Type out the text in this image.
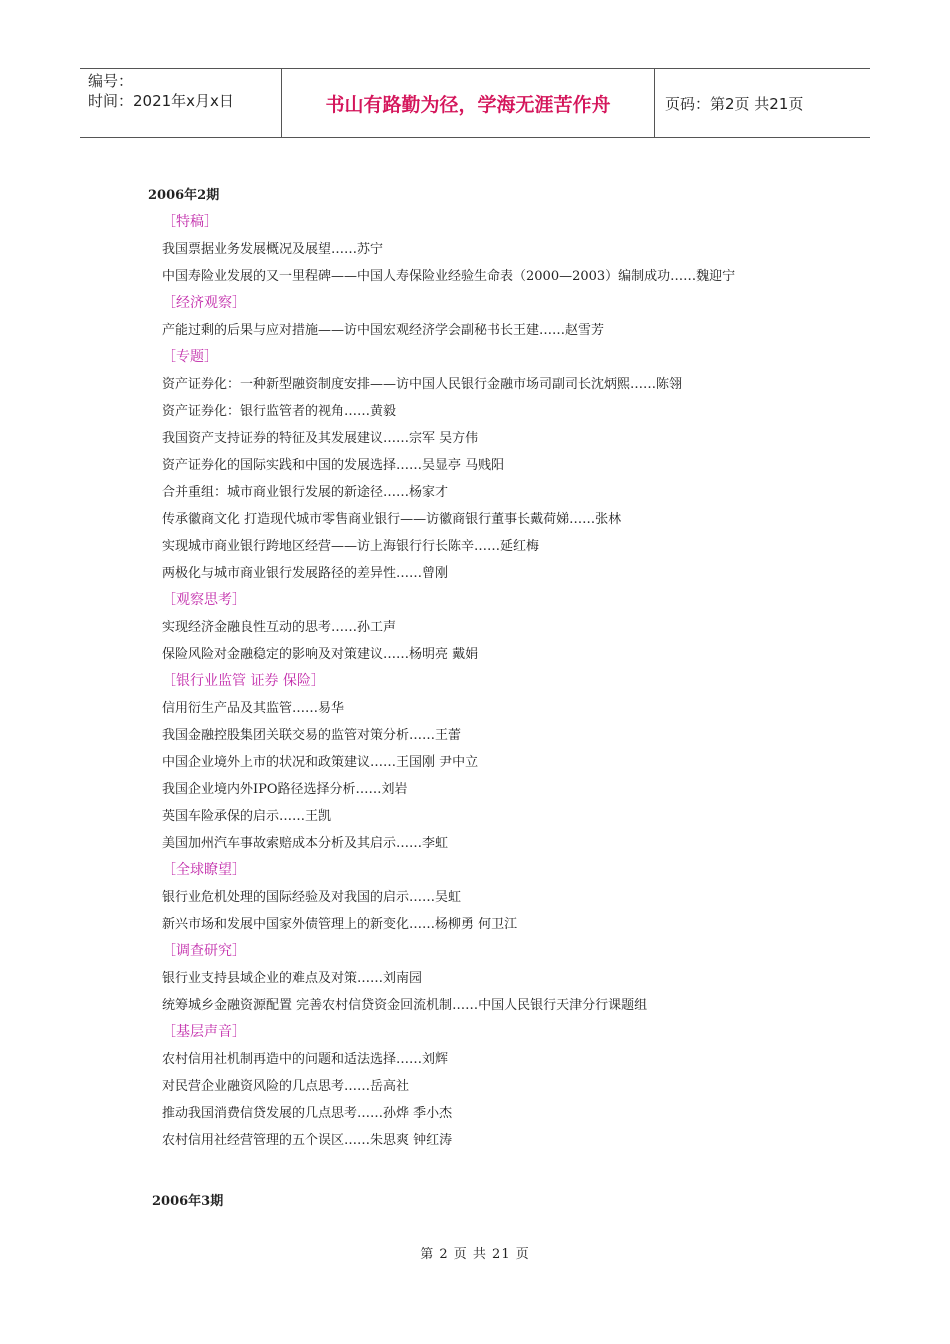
编号：
时间：2021年x月x日	书山有路勤为径，学海无涯苦作舟	页码：第2页 共21页
2006年2期
［特稿］
我国票据业务发展概况及展望……苏宁
中国寿险业发展的又一里程碑——中国人寿保险业经验生命表（2000—2003）编制成功……魏迎宁
［经济观察］
产能过剩的后果与应对措施——访中国宏观经济学会副秘书长王建……赵雪芳
［专题］
资产证券化：一种新型融资制度安排——访中国人民银行金融市场司副司长沈炳熙……陈翎
资产证券化：银行监管者的视角……黄毅
我国资产支持证券的特征及其发展建议……宗军 吴方伟
资产证券化的国际实践和中国的发展选择……吴显亭 马贱阳
合并重组：城市商业银行发展的新途径……杨家才
传承徽商文化 打造现代城市零售商业银行——访徽商银行董事长戴荷娣……张林
实现城市商业银行跨地区经营——访上海银行行长陈辛……延红梅
两极化与城市商业银行发展路径的差异性……曾刚
［观察思考］
实现经济金融良性互动的思考……孙工声
保险风险对金融稳定的影响及对策建议……杨明亮 戴娟
［银行业监管 证券 保险］
信用衍生产品及其监管……易华
我国金融控股集团关联交易的监管对策分析……王蕾
中国企业境外上市的状况和政策建议……王国刚 尹中立
我国企业境内外IPO路径选择分析……刘岩
英国车险承保的启示……王凯
美国加州汽车事故索赔成本分析及其启示……李虹
［全球瞭望］
银行业危机处理的国际经验及对我国的启示……吴虹
新兴市场和发展中国家外债管理上的新变化……杨柳勇 何卫江
［调查研究］
银行业支持县域企业的难点及对策……刘南园
统筹城乡金融资源配置 完善农村信贷资金回流机制……中国人民银行天津分行课题组
［基层声音］
农村信用社机制再造中的问题和适法选择……刘辉
对民营企业融资风险的几点思考……岳高社
推动我国消费信贷发展的几点思考……孙烨 季小杰
农村信用社经营管理的五个误区……朱思爽 钟红涛
2006年3期
第 2 页 共 21 页
